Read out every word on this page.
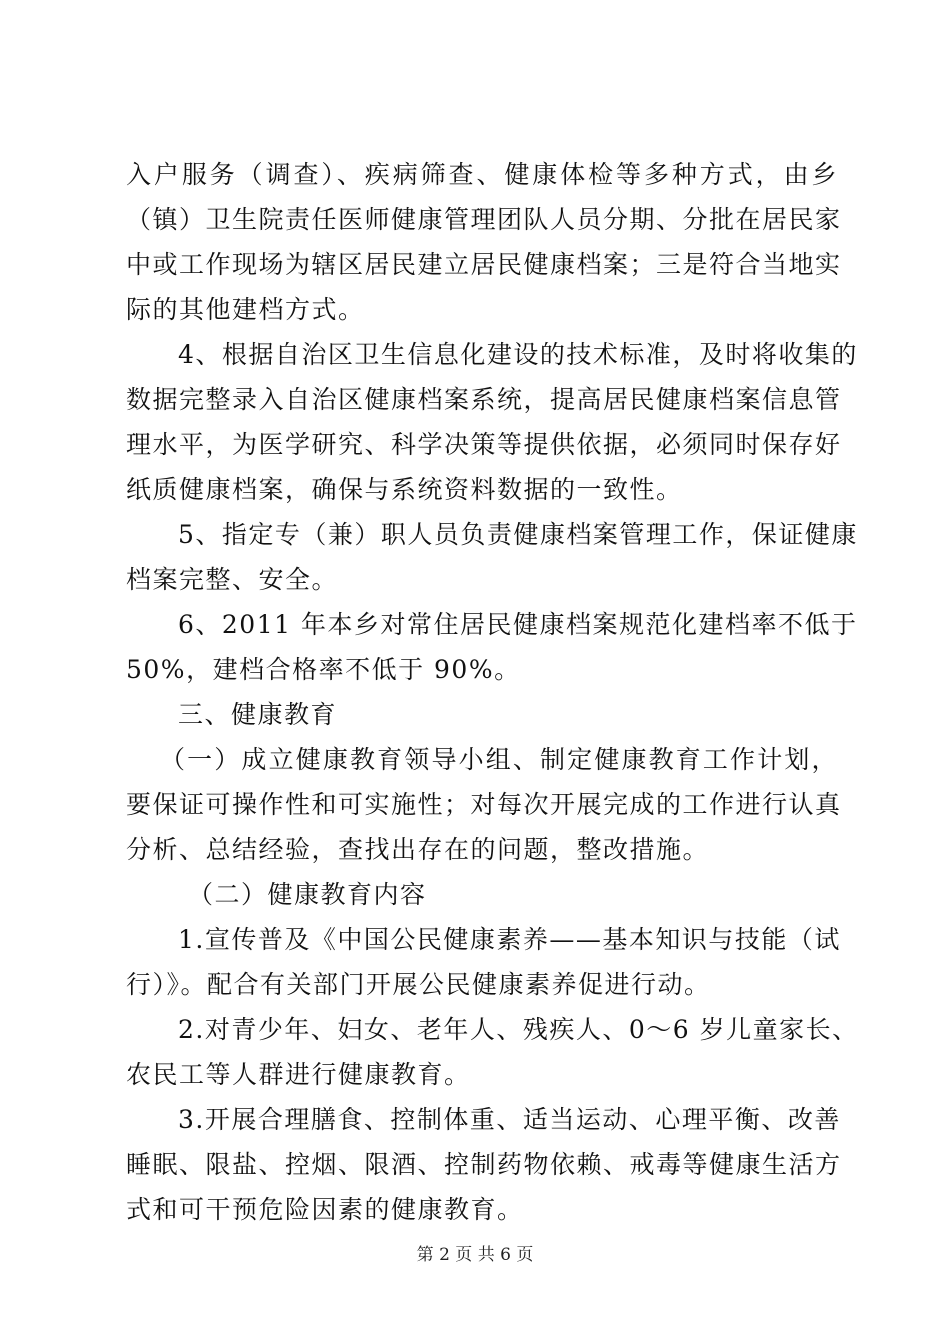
入户服务（调查）、疾病筛查、健康体检等多种方式，由乡
（镇）卫生院责任医师健康管理团队人员分期、分批在居民家
中或工作现场为辖区居民建立居民健康档案；三是符合当地实
际的其他建档方式。
4、根据自治区卫生信息化建设的技术标准，及时将收集的
数据完整录入自治区健康档案系统，提高居民健康档案信息管
理水平，为医学研究、科学决策等提供依据，必须同时保存好
纸质健康档案，确保与系统资料数据的一致性。
5、指定专（兼）职人员负责健康档案管理工作，保证健康
档案完整、安全。
6、2011 年本乡对常住居民健康档案规范化建档率不低于
50%，建档合格率不低于 90%。
三、健康教育
（一）成立健康教育领导小组、制定健康教育工作计划，
要保证可操作性和可实施性；对每次开展完成的工作进行认真
分析、总结经验，查找出存在的问题，整改措施。
（二）健康教育内容
1.宣传普及《中国公民健康素养——基本知识与技能（试
行）》。配合有关部门开展公民健康素养促进行动。
2.对青少年、妇女、老年人、残疾人、0～6 岁儿童家长、
农民工等人群进行健康教育。
3.开展合理膳食、控制体重、适当运动、心理平衡、改善
睡眠、限盐、控烟、限酒、控制药物依赖、戒毒等健康生活方
式和可干预危险因素的健康教育。
第 2 页 共 6 页
